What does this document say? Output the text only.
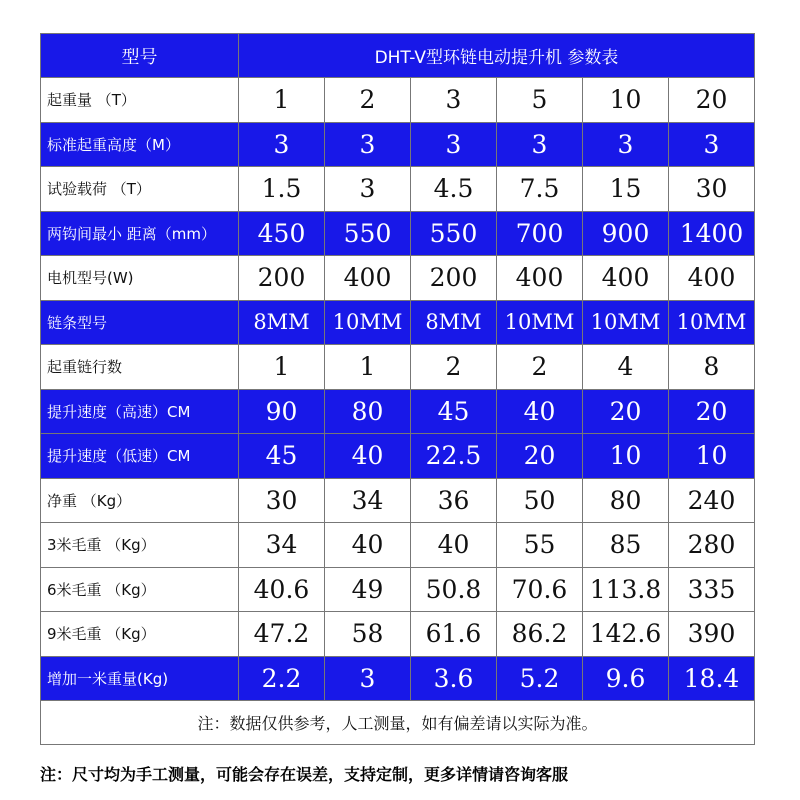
型号	DHT-V型环链电动提升机 参数表					
起重量 （T）	1	2	3	5	10	20
标准起重高度（M）	3	3	3	3	3	3
试验载荷 （T）	1.5	3	4.5	7.5	15	30
两钩间最小 距离（mm）	450	550	550	700	900	1400
电机型号(W)	200	400	200	400	400	400
链条型号	8MM	10MM	8MM	10MM	10MM	10MM
起重链行数	1	1	2	2	4	8
提升速度（高速）CM	90	80	45	40	20	20
提升速度（低速）CM	45	40	22.5	20	10	10
净重 （Kg）	30	34	36	50	80	240
3米毛重 （Kg）	34	40	40	55	85	280
6米毛重 （Kg）	40.6	49	50.8	70.6	113.8	335
9米毛重 （Kg）	47.2	58	61.6	86.2	142.6	390
增加一米重量(Kg)	2.2	3	3.6	5.2	9.6	18.4
注：数据仅供参考，人工测量，如有偏差请以实际为准。						
注：尺寸均为手工测量，可能会存在误差，支持定制，更多详情请咨询客服
